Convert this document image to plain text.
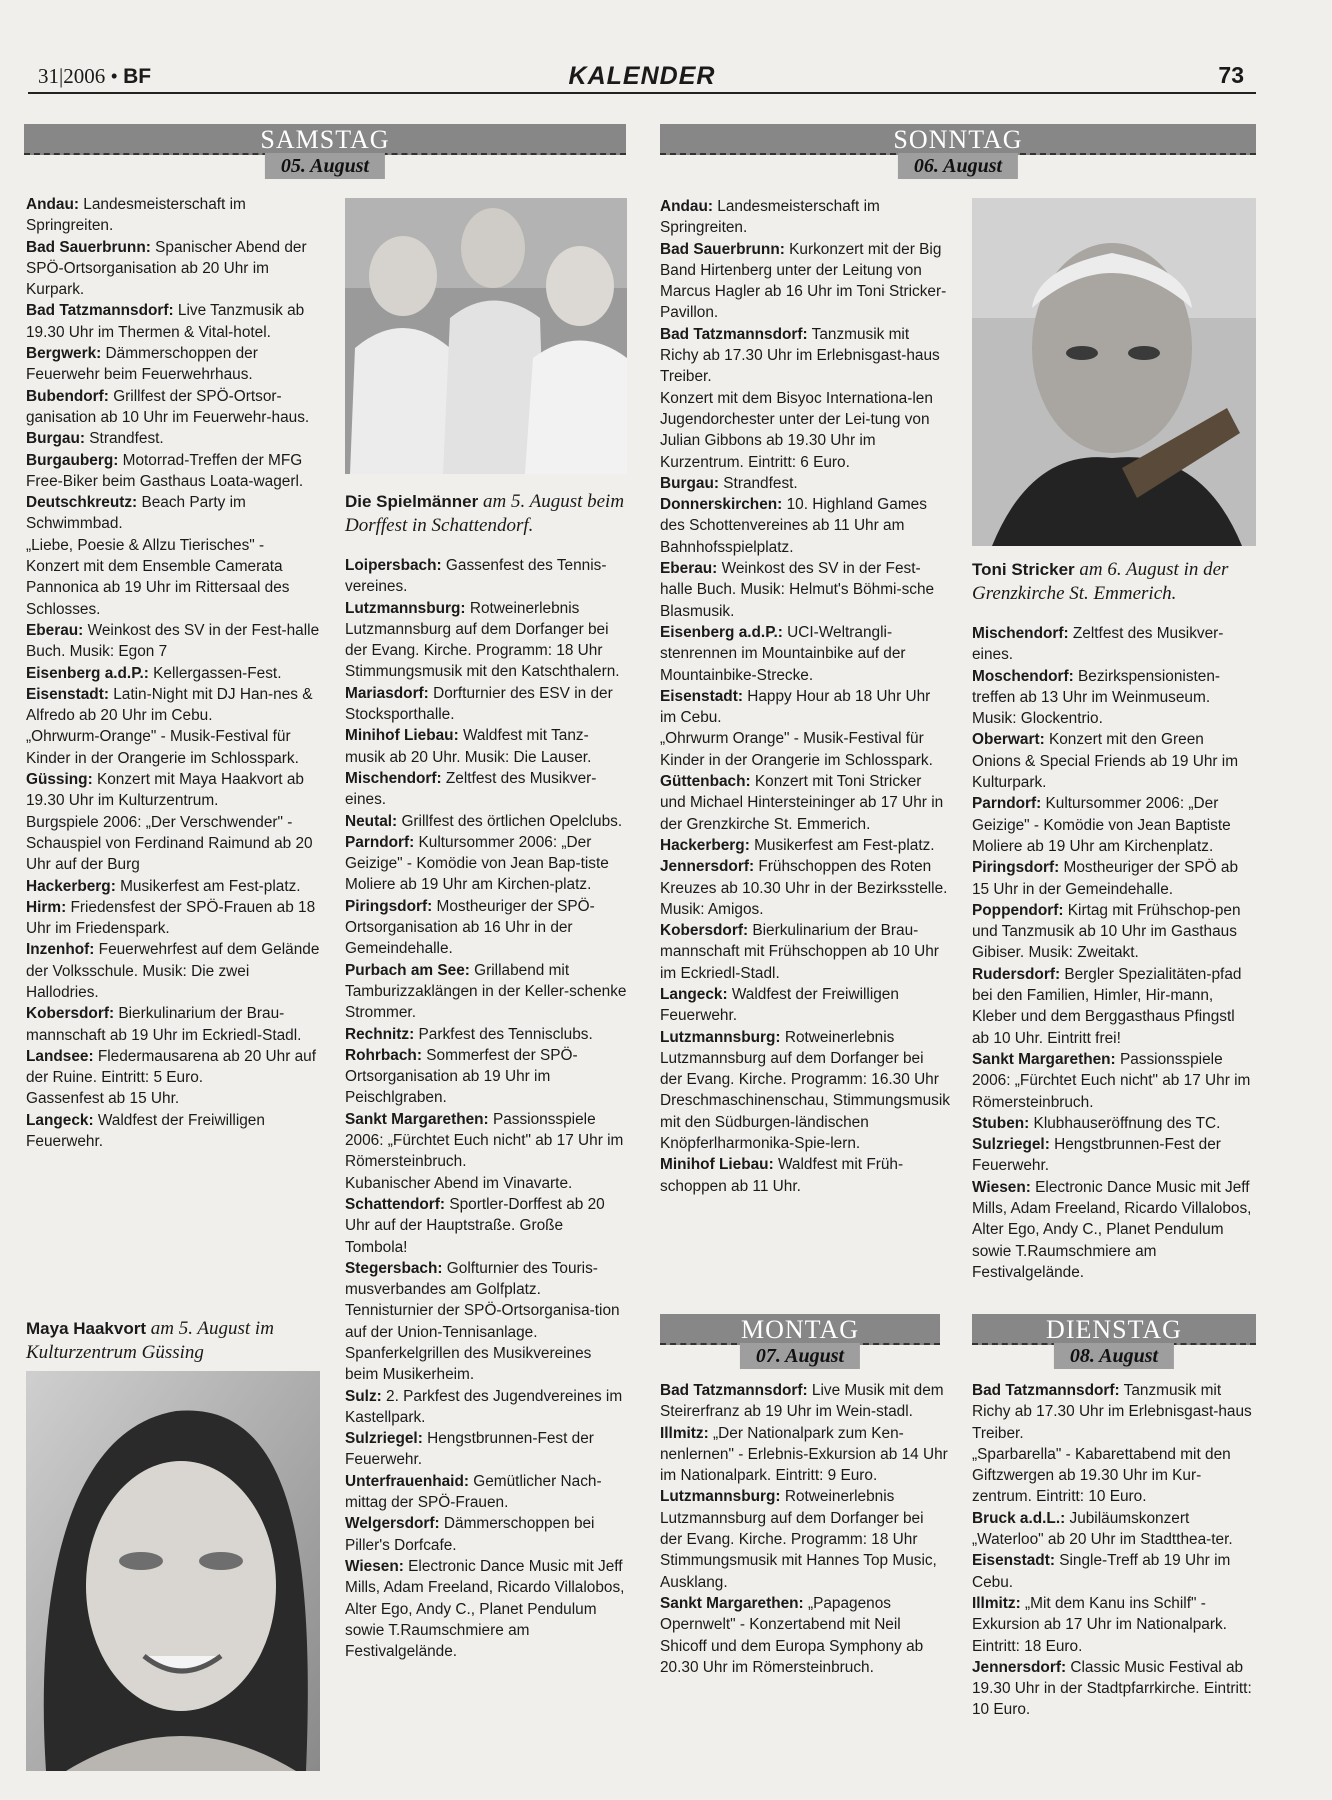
31|2006 • BF	KALENDER	73
SAMSTAG
05. August
SONNTAG
06. August

Andau: Landesmeisterschaft im Springreiten.

Bad Sauerbrunn: Spanischer Abend der SPÖ-Ortsorganisation ab 20 Uhr im Kurpark.

Bad Tatzmannsdorf: Live Tanzmusik ab 19.30 Uhr im Thermen & Vital-hotel.

Bergwerk: Dämmerschoppen der Feuerwehr beim Feuerwehrhaus.

Bubendorf: Grillfest der SPÖ-Ortsor-ganisation ab 10 Uhr im Feuerwehr-haus.

Burgau: Strandfest.

Burgauberg: Motorrad-Treffen der MFG Free-Biker beim Gasthaus Loata-wagerl.

Deutschkreutz: Beach Party im Schwimmbad.

„Liebe, Poesie & Allzu Tierisches" - Konzert mit dem Ensemble Camerata Pannonica ab 19 Uhr im Rittersaal des Schlosses.

Eberau: Weinkost des SV in der Fest-halle Buch. Musik: Egon 7

Eisenberg a.d.P.: Kellergassen-Fest.

Eisenstadt: Latin-Night mit DJ Han-nes & Alfredo ab 20 Uhr im Cebu.

„Ohrwurm-Orange" - Musik-Festival für Kinder in der Orangerie im Schlosspark.

Güssing: Konzert mit Maya Haakvort ab 19.30 Uhr im Kulturzentrum.

Burgspiele 2006: „Der Verschwender" - Schauspiel von Ferdinand Raimund ab 20 Uhr auf der Burg

Hackerberg: Musikerfest am Fest-platz.

Hirm: Friedensfest der SPÖ-Frauen ab 18 Uhr im Friedenspark.

Inzenhof: Feuerwehrfest auf dem Gelände der Volksschule. Musik: Die zwei Hallodries.

Kobersdorf: Bierkulinarium der Brau-mannschaft ab 19 Uhr im Eckriedl-Stadl.

Landsee: Fledermausarena ab 20 Uhr auf der Ruine. Eintritt: 5 Euro.

Gassenfest ab 15 Uhr.

Langeck: Waldfest der Freiwilligen Feuerwehr.

Maya Haakvort am 5. August im Kulturzentrum Güssing
Die Spielmänner am 5. August beim Dorffest in Schattendorf.

Loipersbach: Gassenfest des Tennis-vereines.

Lutzmannsburg: Rotweinerlebnis Lutzmannsburg auf dem Dorfanger bei der Evang. Kirche. Programm: 18 Uhr Stimmungsmusik mit den Katschthalern.

Mariasdorf: Dorfturnier des ESV in der Stocksporthalle.

Minihof Liebau: Waldfest mit Tanz-musik ab 20 Uhr. Musik: Die Lauser.

Mischendorf: Zeltfest des Musikver-eines.

Neutal: Grillfest des örtlichen Opelclubs.

Parndorf: Kultursommer 2006: „Der Geizige" - Komödie von Jean Bap-tiste Moliere ab 19 Uhr am Kirchen-platz.

Piringsdorf: Mostheuriger der SPÖ-Ortsorganisation ab 16 Uhr in der Gemeindehalle.

Purbach am See: Grillabend mit Tamburizzaklängen in der Keller-schenke Strommer.

Rechnitz: Parkfest des Tennisclubs.

Rohrbach: Sommerfest der SPÖ-Ortsorganisation ab 19 Uhr im Peischlgraben.

Sankt Margarethen: Passionsspiele 2006: „Fürchtet Euch nicht" ab 17 Uhr im Römersteinbruch.

Kubanischer Abend im Vinavarte.

Schattendorf: Sportler-Dorffest ab 20 Uhr auf der Hauptstraße. Große Tombola!

Stegersbach: Golfturnier des Touris-musverbandes am Golfplatz.

Tennisturnier der SPÖ-Ortsorganisa-tion auf der Union-Tennisanlage.

Spanferkelgrillen des Musikvereines beim Musikerheim.

Sulz: 2. Parkfest des Jugendvereines im Kastellpark.

Sulzriegel: Hengstbrunnen-Fest der Feuerwehr.

Unterfrauenhaid: Gemütlicher Nach-mittag der SPÖ-Frauen.

Welgersdorf: Dämmerschoppen bei Piller's Dorfcafe.

Wiesen: Electronic Dance Music mit Jeff Mills, Adam Freeland, Ricardo Villalobos, Alter Ego, Andy C., Planet Pendulum sowie T.Raumschmiere am Festivalgelände.

Andau: Landesmeisterschaft im Springreiten.

Bad Sauerbrunn: Kurkonzert mit der Big Band Hirtenberg unter der Leitung von Marcus Hagler ab 16 Uhr im Toni Stricker-Pavillon.

Bad Tatzmannsdorf: Tanzmusik mit Richy ab 17.30 Uhr im Erlebnisgast-haus Treiber.

Konzert mit dem Bisyoc Internationa-len Jugendorchester unter der Lei-tung von Julian Gibbons ab 19.30 Uhr im Kurzentrum. Eintritt: 6 Euro.

Burgau: Strandfest.

Donnerskirchen: 10. Highland Games des Schottenvereines ab 11 Uhr am Bahnhofsspielplatz.

Eberau: Weinkost des SV in der Fest-halle Buch. Musik: Helmut's Böhmi-sche Blasmusik.

Eisenberg a.d.P.: UCI-Weltrangli-stenrennen im Mountainbike auf der Mountainbike-Strecke.

Eisenstadt: Happy Hour ab 18 Uhr Uhr im Cebu.

„Ohrwurm Orange" - Musik-Festival für Kinder in der Orangerie im Schlosspark.

Güttenbach: Konzert mit Toni Stricker und Michael Hintersteininger ab 17 Uhr in der Grenzkirche St. Emmerich.

Hackerberg: Musikerfest am Fest-platz.

Jennersdorf: Frühschoppen des Roten Kreuzes ab 10.30 Uhr in der Bezirksstelle. Musik: Amigos.

Kobersdorf: Bierkulinarium der Brau-mannschaft mit Frühschoppen ab 10 Uhr im Eckriedl-Stadl.

Langeck: Waldfest der Freiwilligen Feuerwehr.

Lutzmannsburg: Rotweinerlebnis Lutzmannsburg auf dem Dorfanger bei der Evang. Kirche. Programm: 16.30 Uhr Dreschmaschinenschau, Stimmungsmusik mit den Südburgen-ländischen Knöpferlharmonika-Spie-lern.

Minihof Liebau: Waldfest mit Früh-schoppen ab 11 Uhr.

Toni Stricker am 6. August in der Grenzkirche St. Emmerich.

Mischendorf: Zeltfest des Musikver-eines.

Moschendorf: Bezirkspensionisten-treffen ab 13 Uhr im Weinmuseum. Musik: Glockentrio.

Oberwart: Konzert mit den Green Onions & Special Friends ab 19 Uhr im Kulturpark.

Parndorf: Kultursommer 2006: „Der Geizige" - Komödie von Jean Baptiste Moliere ab 19 Uhr am Kirchenplatz.

Piringsdorf: Mostheuriger der SPÖ ab 15 Uhr in der Gemeindehalle.

Poppendorf: Kirtag mit Frühschop-pen und Tanzmusik ab 10 Uhr im Gasthaus Gibiser. Musik: Zweitakt.

Rudersdorf: Bergler Spezialitäten-pfad bei den Familien, Himler, Hir-mann, Kleber und dem Berggasthaus Pfingstl ab 10 Uhr. Eintritt frei!

Sankt Margarethen: Passionsspiele 2006: „Fürchtet Euch nicht" ab 17 Uhr im Römersteinbruch.

Stuben: Klubhauseröffnung des TC.

Sulzriegel: Hengstbrunnen-Fest der Feuerwehr.

Wiesen: Electronic Dance Music mit Jeff Mills, Adam Freeland, Ricardo Villalobos, Alter Ego, Andy C., Planet Pendulum sowie T.Raumschmiere am Festivalgelände.

MONTAG
07. August

Bad Tatzmannsdorf: Live Musik mit dem Steirerfranz ab 19 Uhr im Wein-stadl.

Illmitz: „Der Nationalpark zum Ken-nenlernen" - Erlebnis-Exkursion ab 14 Uhr im Nationalpark. Eintritt: 9 Euro.

Lutzmannsburg: Rotweinerlebnis Lutzmannsburg auf dem Dorfanger bei der Evang. Kirche. Programm: 18 Uhr Stimmungsmusik mit Hannes Top Music, Ausklang.

Sankt Margarethen: „Papagenos Opernwelt" - Konzertabend mit Neil Shicoff und dem Europa Symphony ab 20.30 Uhr im Römersteinbruch.

DIENSTAG
08. August

Bad Tatzmannsdorf: Tanzmusik mit Richy ab 17.30 Uhr im Erlebnisgast-haus Treiber.

„Sparbarella" - Kabarettabend mit den Giftzwergen ab 19.30 Uhr im Kur-zentrum. Eintritt: 10 Euro.

Bruck a.d.L.: Jubiläumskonzert „Waterloo" ab 20 Uhr im Stadtthea-ter.

Eisenstadt: Single-Treff ab 19 Uhr im Cebu.

Illmitz: „Mit dem Kanu ins Schilf" - Exkursion ab 17 Uhr im Nationalpark. Eintritt: 18 Euro.

Jennersdorf: Classic Music Festival ab 19.30 Uhr in der Stadtpfarrkirche. Eintritt: 10 Euro.
